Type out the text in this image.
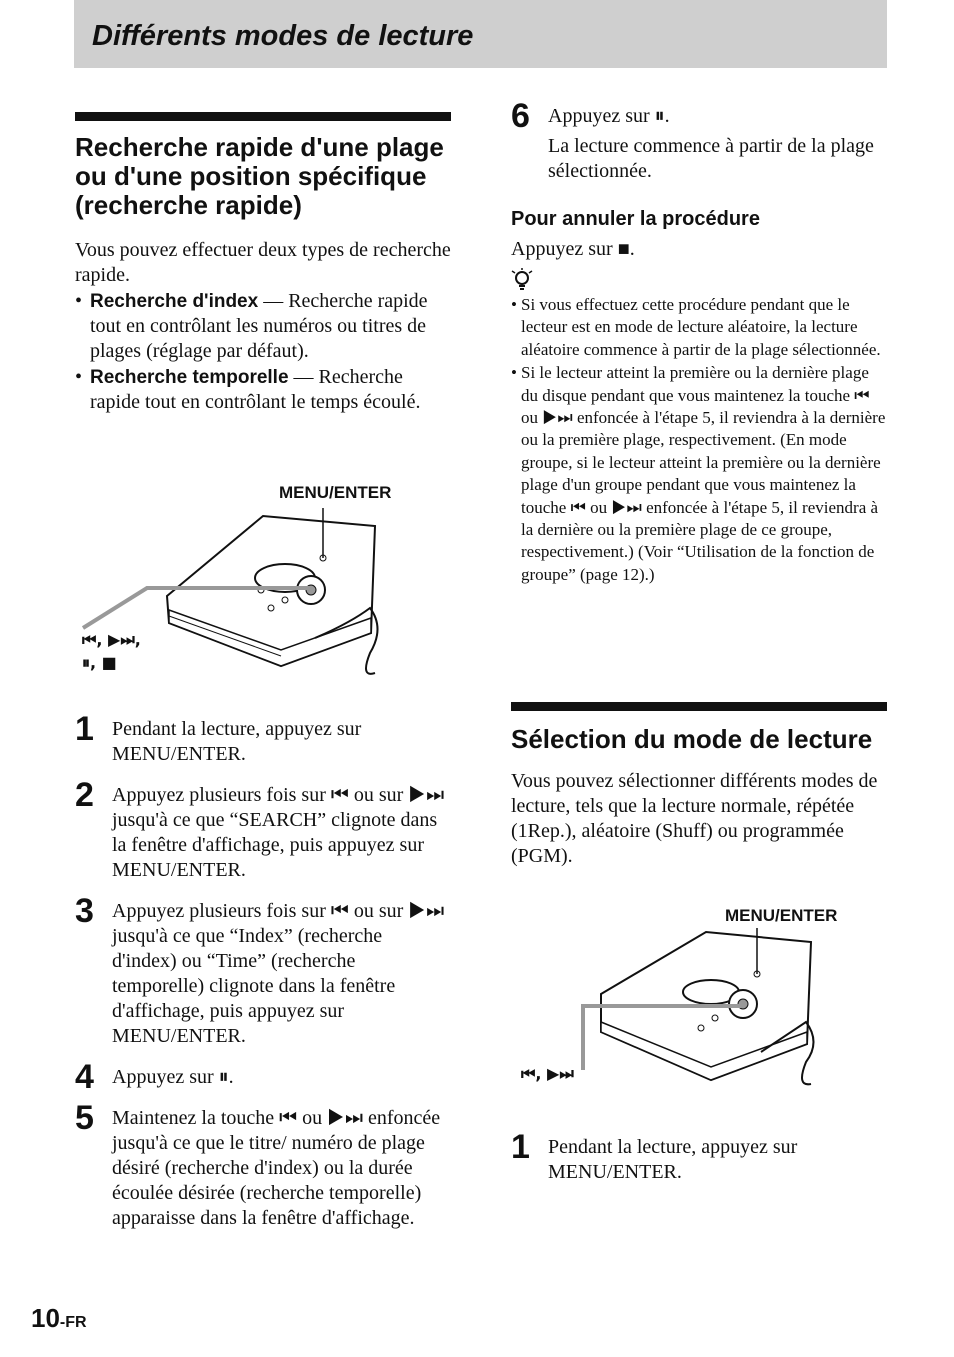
Différents modes de lecture
Recherche rapide d'une plage ou d'une position spécifique (recherche rapide)
Vous pouvez effectuer deux types de recherche rapide.
• Recherche d'index — Recherche rapide tout en contrôlant les numéros ou titres de plages (réglage par défaut).
• Recherche temporelle — Recherche rapide tout en contrôlant le temps écoulé.
MENU/ENTER
⏮, ▶⏭,
⏸, ■
1 Pendant la lecture, appuyez sur MENU/ENTER.
2 Appuyez plusieurs fois sur ⏮ ou sur ▶⏭ jusqu'à ce que “SEARCH” clignote dans la fenêtre d'affichage, puis appuyez sur MENU/ENTER.
3 Appuyez plusieurs fois sur ⏮ ou sur ▶⏭ jusqu'à ce que “Index” (recherche d'index) ou “Time” (recherche temporelle) clignote dans la fenêtre d'affichage, puis appuyez sur MENU/ENTER.
4 Appuyez sur ⏸.
5 Maintenez la touche ⏮ ou ▶⏭ enfoncée jusqu'à ce que le titre/ numéro de plage désiré (recherche d'index) ou la durée écoulée désirée (recherche temporelle) apparaisse dans la fenêtre d'affichage.
6 Appuyez sur ⏸.
La lecture commence à partir de la plage sélectionnée.
Pour annuler la procédure
Appuyez sur ■.

• Si vous effectuez cette procédure pendant que le lecteur est en mode de lecture aléatoire, la lecture aléatoire commence à partir de la plage sélectionnée.

• Si le lecteur atteint la première ou la dernière plage du disque pendant que vous maintenez la touche ⏮ ou ▶⏭ enfoncée à l'étape 5, il reviendra à la dernière ou la première plage, respectivement. (En mode groupe, si le lecteur atteint la première ou la dernière plage d'un groupe pendant que vous maintenez la touche ⏮ ou ▶⏭ enfoncée à l'étape 5, il reviendra à la dernière ou la première plage de ce groupe, respectivement.) (Voir “Utilisation de la fonction de groupe” (page 12).)

Sélection du mode de lecture
Vous pouvez sélectionner différents modes de lecture, tels que la lecture normale, répétée (1Rep.), aléatoire (Shuff) ou programmée (PGM).
MENU/ENTER
⏮, ▶⏭
1 Pendant la lecture, appuyez sur MENU/ENTER.
10-FR
